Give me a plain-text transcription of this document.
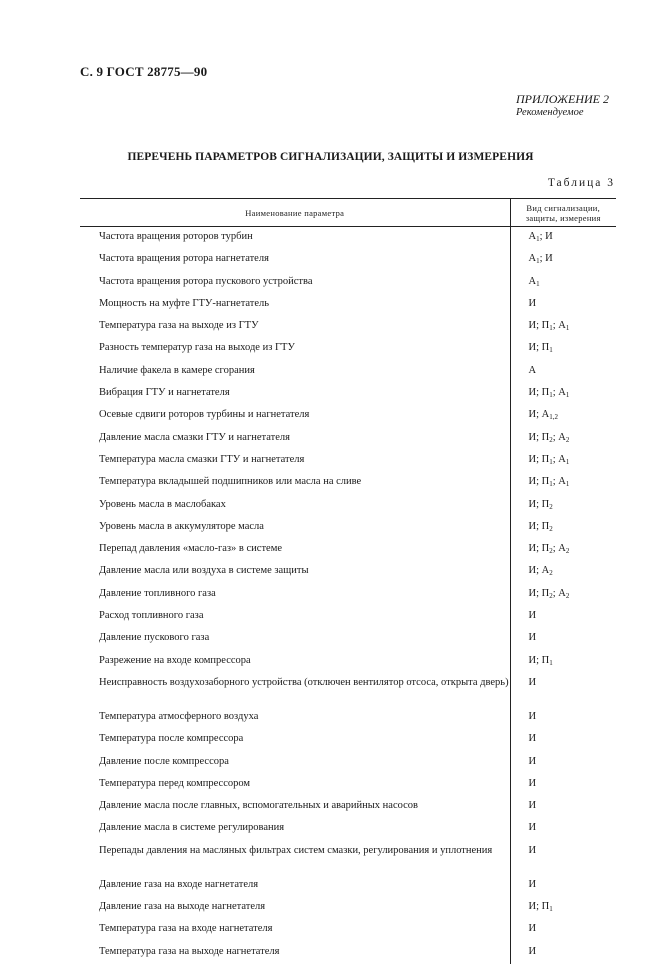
С. 9 ГОСТ 28775—90
ПРИЛОЖЕНИЕ 2
Рекомендуемое
ПЕРЕЧЕНЬ ПАРАМЕТРОВ СИГНАЛИЗАЦИИ, ЗАЩИТЫ И ИЗМЕРЕНИЯ
Таблица 3
Наименование параметра	Вид сигнализации,
защиты, измерения

Частота вращения роторов турбин	$А_1$; И
Частота вращения ротора нагнетателя	$А_1$; И
Частота вращения ротора пускового устройства	$А_1$
Мощность на муфте ГТУ-нагнетатель	И
Температура газа на выходе из ГТУ	И; $П_1$; $А_1$
Разность температур газа на выходе из ГТУ	И; $П_1$
Наличие факела в камере сгорания	А
Вибрация ГТУ и нагнетателя	И; $П_1$; $А_1$
Осевые сдвиги роторов турбины и нагнетателя	И; $А_{1,2}$
Давление масла смазки ГТУ и нагнетателя	И; $П_2$; $А_2$
Температура масла смазки ГТУ и нагнетателя	И; $П_1$; $А_1$
Температура вкладышей подшипников или масла на сливе	И; $П_1$; $А_1$
Уровень масла в маслобаках	И; $П_2$
Уровень масла в аккумуляторе масла	И; $П_2$
Перепад давления «масло-газ» в системе	И; $П_2$; $А_2$
Давление масла или воздуха в системе защиты	И; $А_2$
Давление топливного газа	И; $П_2$; $А_2$
Расход топливного газа	И
Давление пускового газа	И
Разрежение на входе компрессора	И; $П_1$
Неисправность воздухозаборного устройства (отключен вентилятор отсоса, открыта дверь)	И
Температура атмосферного воздуха	И
Температура после компрессора	И
Давление после компрессора	И
Температура перед компрессором	И
Давление масла после главных, вспомогательных и аварийных насосов	И
Давление масла в системе регулирования	И
Перепады давления на масляных фильтрах систем смазки, регулирования и уплотнения	И
Давление газа на входе нагнетателя	И
Давление газа на выходе нагнетателя	И; $П_1$
Температура газа на входе нагнетателя	И
Температура газа на выходе нагнетателя	И
